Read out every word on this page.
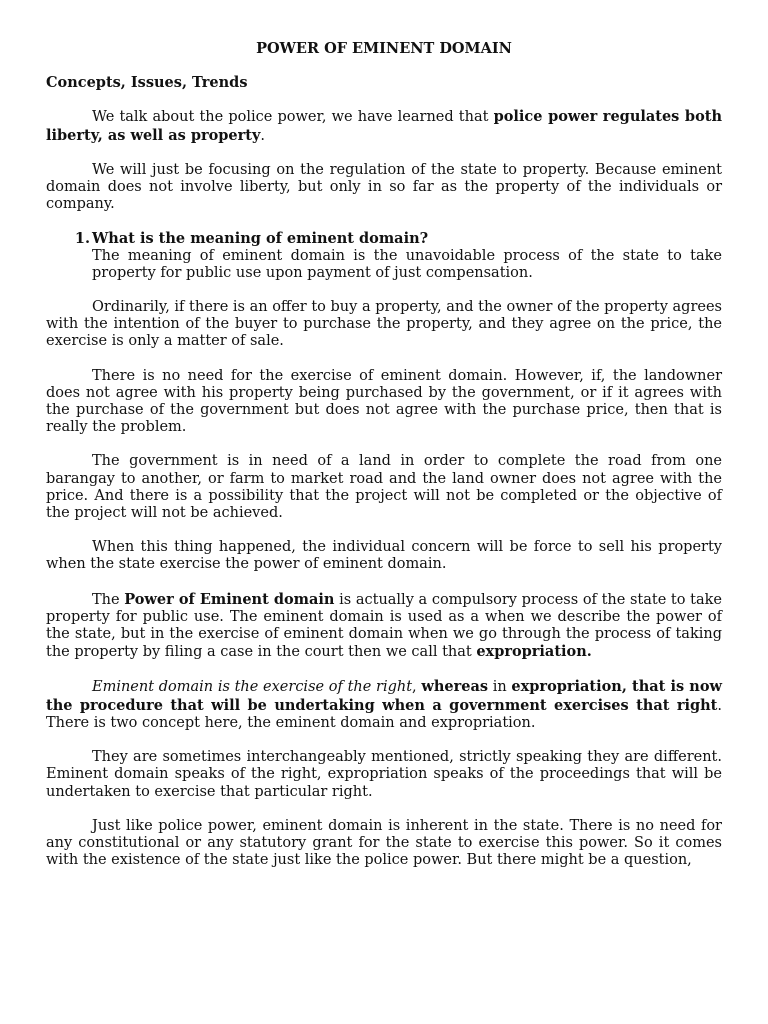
POWER OF EMINENT DOMAIN
Concepts, Issues, Trends

We talk about the police power, we have learned that police power regulates both liberty, as well as property.

We will just be focusing on the regulation of the state to property. Because eminent domain does not involve liberty, but only in so far as the property of the individuals or company.

1. What is the meaning of eminent domain?
The meaning of eminent domain is the unavoidable process of the state to take property for public use upon payment of just compensation.

Ordinarily, if there is an offer to buy a property, and the owner of the property agrees with the intention of the buyer to purchase the property, and they agree on the price, the exercise is only a matter of sale.

There is no need for the exercise of eminent domain. However, if, the landowner does not agree with his property being purchased by the government, or if it agrees with the purchase of the government but does not agree with the purchase price, then that is really the problem.

The government is in need of a land in order to complete the road from one barangay to another, or farm to market road and the land owner does not agree with the price. And there is a possibility that the project will not be completed or the objective of the project will not be achieved.

When this thing happened, the individual concern will be force to sell his property when the state exercise the power of eminent domain.

The Power of Eminent domain is actually a compulsory process of the state to take property for public use. The eminent domain is used as a when we describe the power of the state, but in the exercise of eminent domain when we go through the process of taking the property by filing a case in the court then we call that expropriation.

Eminent domain is the exercise of the right, whereas in expropriation, that is now the procedure that will be undertaking when a government exercises that right. There is two concept here, the eminent domain and expropriation.

They are sometimes interchangeably mentioned, strictly speaking they are different. Eminent domain speaks of the right, expropriation speaks of the proceedings that will be undertaken to exercise that particular right.

Just like police power, eminent domain is inherent in the state. There is no need for any constitutional or any statutory grant for the state to exercise this power. So it comes with the existence of the state just like the police power. But there might be a question,
